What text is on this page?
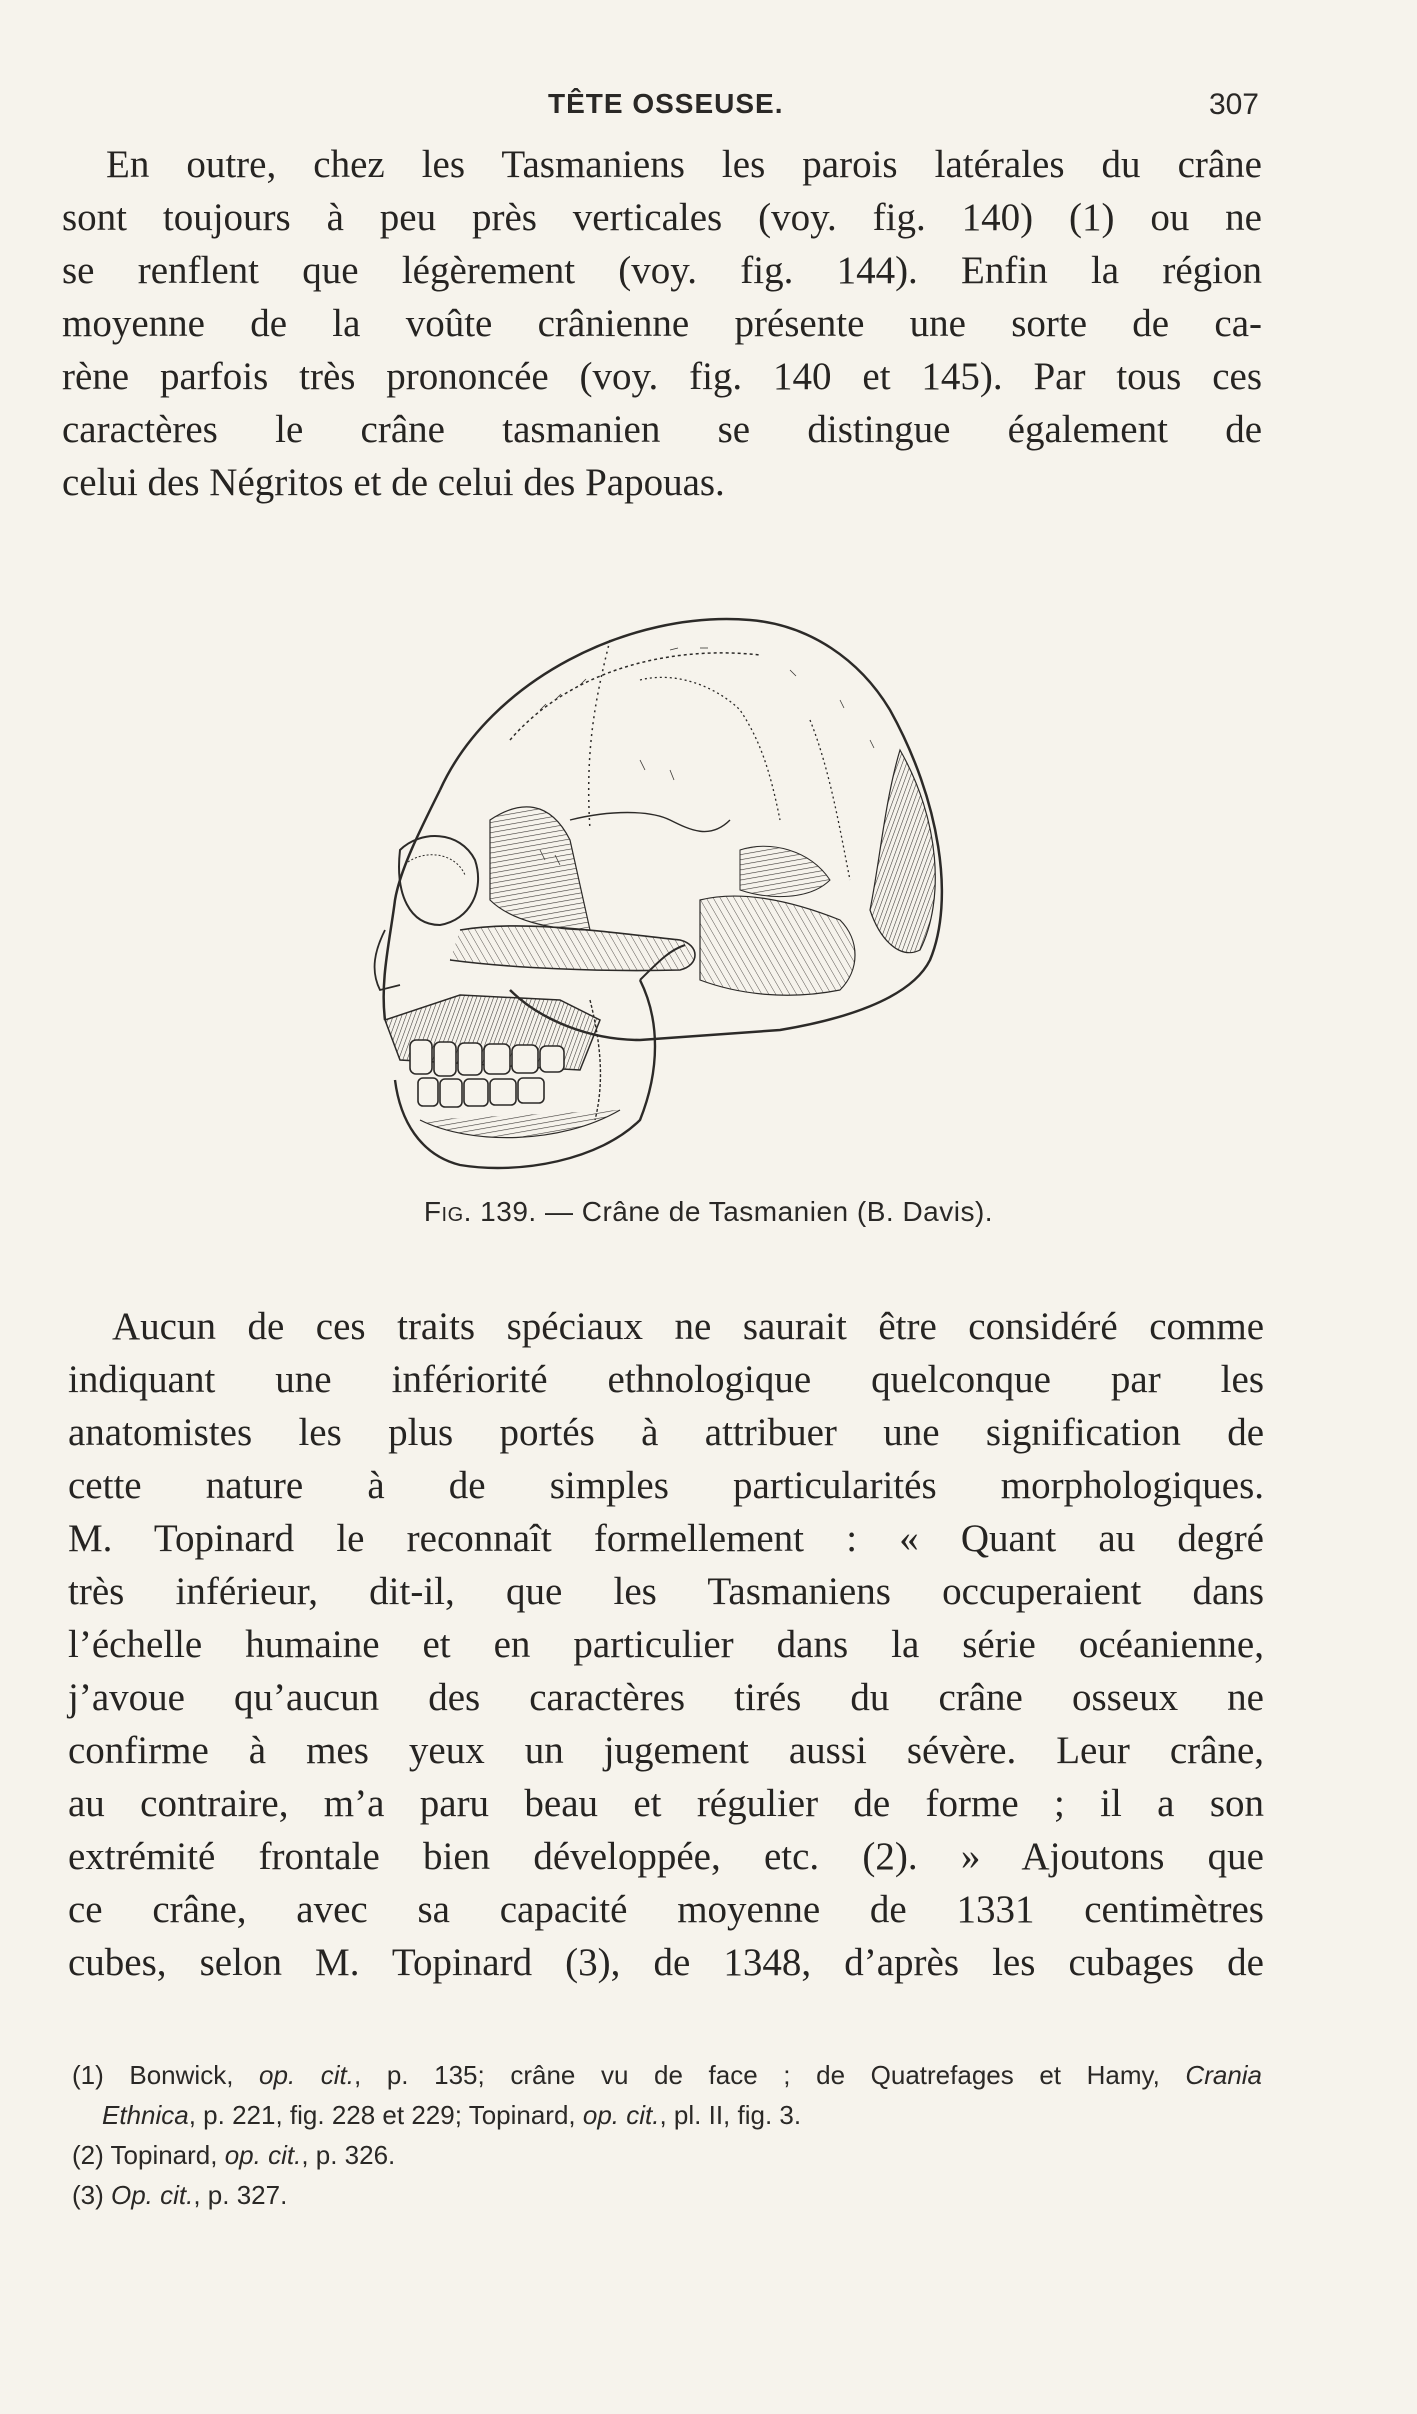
TÊTE OSSEUSE.	307

En outre, chez les Tasmaniens les parois latérales du crâne
sont toujours à peu près verticales (voy. fig. 140) (1) ou ne
se renflent que légèrement (voy. fig. 144). Enfin la région
moyenne de la voûte crânienne présente une sorte de ca-
rène parfois très prononcée (voy. fig. 140 et 145). Par tous ces
caractères le crâne tasmanien se distingue également de
celui des Négritos et de celui des Papouas.

Fig. 139. — Crâne de Tasmanien (B. Davis).

Aucun de ces traits spéciaux ne saurait être considéré comme
indiquant une infériorité ethnologique quelconque par les
anatomistes les plus portés à attribuer une signification de
cette nature à de simples particularités morphologiques.
M. Topinard le reconnaît formellement : « Quant au degré
très inférieur, dit-il, que les Tasmaniens occuperaient dans
l’échelle humaine et en particulier dans la série océanienne,
j’avoue qu’aucun des caractères tirés du crâne osseux ne
confirme à mes yeux un jugement aussi sévère. Leur crâne,
au contraire, m’a paru beau et régulier de forme ; il a son
extrémité frontale bien développée, etc. (2). » Ajoutons que
ce crâne, avec sa capacité moyenne de 1331 centimètres
cubes, selon M. Topinard (3), de 1348, d’après les cubages de

(1) Bonwick, op. cit., p. 135; crâne vu de face ; de Quatrefages et Hamy, Crania
Ethnica, p. 221, fig. 228 et 229; Topinard, op. cit., pl. II, fig. 3.
(2) Topinard, op. cit., p. 326.
(3) Op. cit., p. 327.
